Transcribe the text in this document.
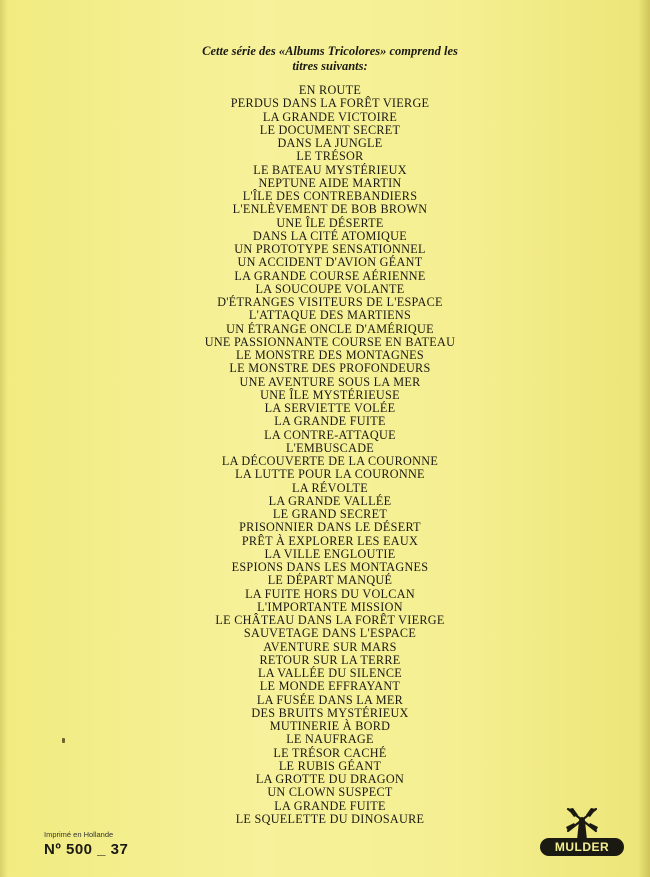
Cette série des «Albums Tricolores» comprend les
titres suivants:
EN ROUTE
PERDUS DANS LA FORÊT VIERGE
LA GRANDE VICTOIRE
LE DOCUMENT SECRET
DANS LA JUNGLE
LE TRÉSOR
LE BATEAU MYSTÉRIEUX
NEPTUNE AIDE MARTIN
L'ÎLE DES CONTREBANDIERS
L'ENLÈVEMENT DE BOB BROWN
UNE ÎLE DÉSERTE
DANS LA CITÉ ATOMIQUE
UN PROTOTYPE SENSATIONNEL
UN ACCIDENT D'AVION GÉANT
LA GRANDE COURSE AÉRIENNE
LA SOUCOUPE VOLANTE
D'ÉTRANGES VISITEURS DE L'ESPACE
L'ATTAQUE DES MARTIENS
UN ÉTRANGE ONCLE D'AMÉRIQUE
UNE PASSIONNANTE COURSE EN BATEAU
LE MONSTRE DES MONTAGNES
LE MONSTRE DES PROFONDEURS
UNE AVENTURE SOUS LA MER
UNE ÎLE MYSTÉRIEUSE
LA SERVIETTE VOLÉE
LA GRANDE FUITE
LA CONTRE-ATTAQUE
L'EMBUSCADE
LA DÉCOUVERTE DE LA COURONNE
LA LUTTE POUR LA COURONNE
LA RÉVOLTE
LA GRANDE VALLÉE
LE GRAND SECRET
PRISONNIER DANS LE DÉSERT
PRÊT À EXPLORER LES EAUX
LA VILLE ENGLOUTIE
ESPIONS DANS LES MONTAGNES
LE DÉPART MANQUÉ
LA FUITE HORS DU VOLCAN
L'IMPORTANTE MISSION
LE CHÂTEAU DANS LA FORÊT VIERGE
SAUVETAGE DANS L'ESPACE
AVENTURE SUR MARS
RETOUR SUR LA TERRE
LA VALLÉE DU SILENCE
LE MONDE EFFRAYANT
LA FUSÉE DANS LA MER
DES BRUITS MYSTÉRIEUX
MUTINERIE À BORD
LE NAUFRAGE
LE TRÉSOR CACHÉ
LE RUBIS GÉANT
LA GROTTE DU DRAGON
UN CLOWN SUSPECT
LA GRANDE FUITE
LE SQUELETTE DU DINOSAURE
Imprimé en Hollande
Nº 500 _ 37	MULDER
